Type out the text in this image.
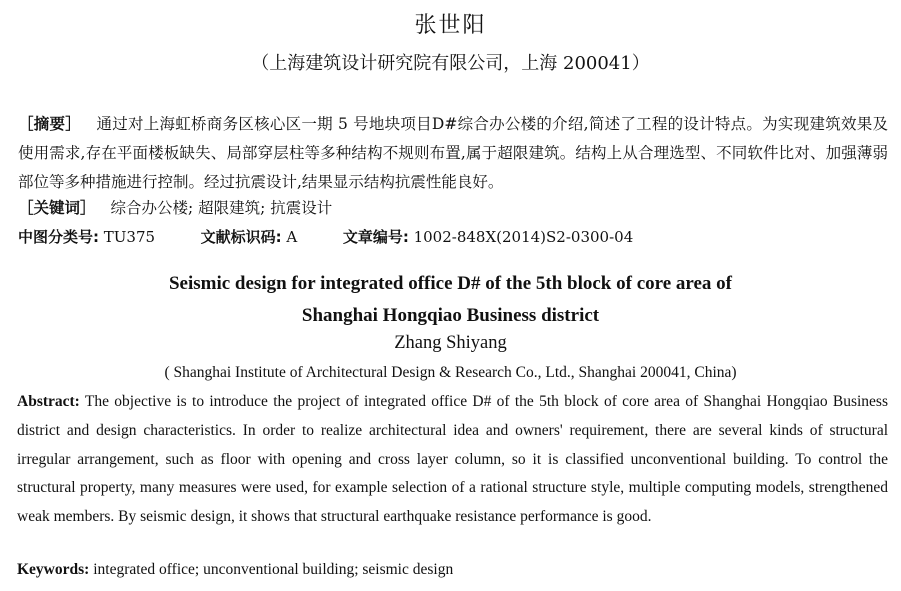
张世阳
（上海建筑设计研究院有限公司，上海 200041）
［摘要］ 通过对上海虹桥商务区核心区一期 5 号地块项目D#综合办公楼的介绍,简述了工程的设计特点。为实现建筑效果及使用需求,存在平面楼板缺失、局部穿层柱等多种结构不规则布置,属于超限建筑。结构上从合理选型、不同软件比对、加强薄弱部位等多种措施进行控制。经过抗震设计,结果显示结构抗震性能良好。
［关键词］ 综合办公楼; 超限建筑; 抗震设计
中图分类号: TU375	文献标识码: A	文章编号: 1002-848X(2014)S2-0300-04
Seismic design for integrated office D# of the 5th block of core area of
Shanghai Hongqiao Business district
Zhang Shiyang
( Shanghai Institute of Architectural Design & Research Co., Ltd., Shanghai 200041, China)
Abstract: The objective is to introduce the project of integrated office D# of the 5th block of core area of Shanghai Hongqiao Business district and design characteristics. In order to realize architectural idea and owners' requirement, there are several kinds of structural irregular arrangement, such as floor with opening and cross layer column, so it is classified unconventional building. To control the structural property, many measures were used, for example selection of a rational structure style, multiple computing models, strengthened weak members. By seismic design, it shows that structural earthquake resistance performance is good.
Keywords: integrated office; unconventional building; seismic design
